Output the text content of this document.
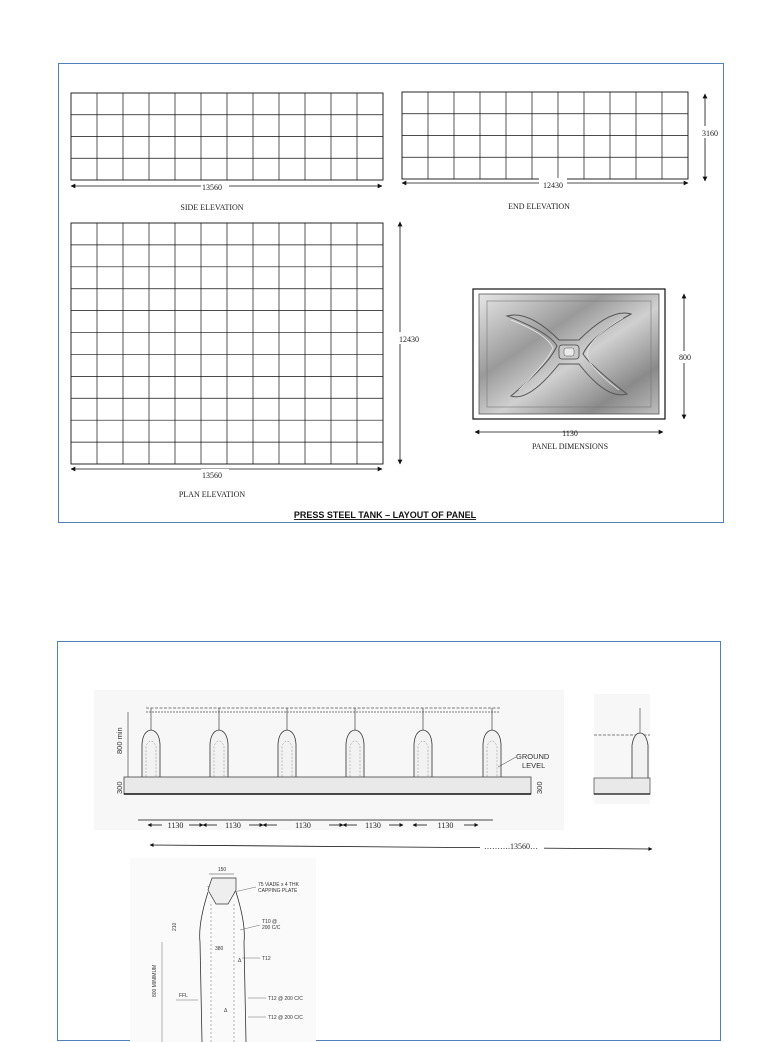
13560
SIDE ELEVATION
12430
END ELEVATION
3160
13560
PLAN ELEVATION
12430
1130
PANEL DIMENSIONS
800
PRESS STEEL TANK – LAYOUT OF PANEL
800 min
300	300
GROUND
LEVEL
1130	1130	1130	1130	1130
……….13560…
150
210
380
75 ViADE x 4 THK
CAPPING PLATE
T10 @
200 C/C
T12
T12 @ 200 C/C
T12 @ 200 C/C
800 MINIMUM	FFL
Δ
Δ
